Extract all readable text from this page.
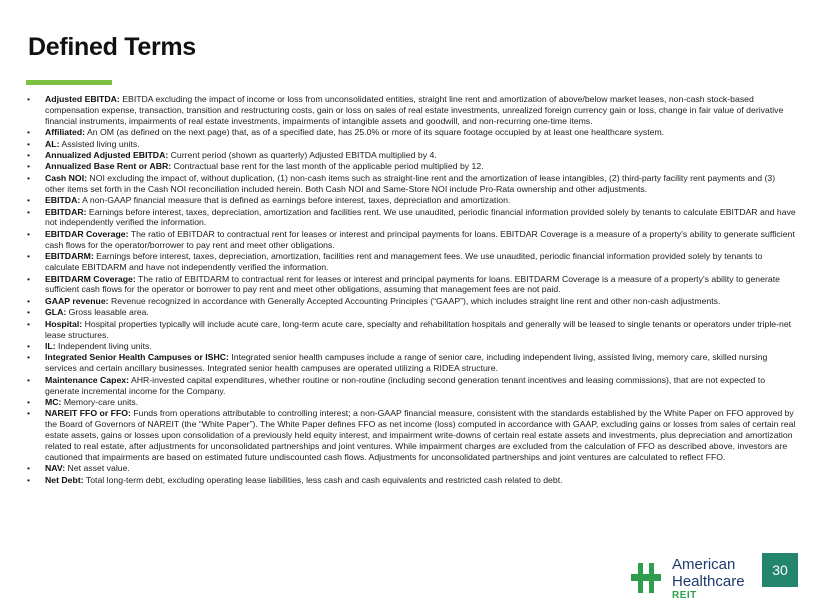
Defined Terms
• Adjusted EBITDA: EBITDA excluding the impact of income or loss from unconsolidated entities, straight line rent and amortization of above/below market leases, non-cash stock-based compensation expense, transaction, transition and restructuring costs, gain or loss on sales of real estate investments, unrealized foreign currency gain or loss, change in fair value of derivative financial instruments, impairments of real estate investments, impairments of intangible assets and goodwill, and non-recurring one-time items.
• Affiliated: An OM (as defined on the next page) that, as of a specified date, has 25.0% or more of its square footage occupied by at least one healthcare system.
• AL: Assisted living units.
• Annualized Adjusted EBITDA: Current period (shown as quarterly) Adjusted EBITDA multiplied by 4.
• Annualized Base Rent or ABR: Contractual base rent for the last month of the applicable period multiplied by 12.
• Cash NOI: NOI excluding the impact of, without duplication, (1) non-cash items such as straight-line rent and the amortization of lease intangibles, (2) third-party facility rent payments and (3) other items set forth in the Cash NOI reconciliation included herein. Both Cash NOI and Same-Store NOI include Pro-Rata ownership and other adjustments.
• EBITDA: A non-GAAP financial measure that is defined as earnings before interest, taxes, depreciation and amortization.
• EBITDAR: Earnings before interest, taxes, depreciation, amortization and facilities rent. We use unaudited, periodic financial information provided solely by tenants to calculate EBITDAR and have not independently verified the information.
• EBITDAR Coverage: The ratio of EBITDAR to contractual rent for leases or interest and principal payments for loans. EBITDAR Coverage is a measure of a property's ability to generate sufficient cash flows for the operator/borrower to pay rent and meet other obligations.
• EBITDARM: Earnings before interest, taxes, depreciation, amortization, facilities rent and management fees. We use unaudited, periodic financial information provided solely by tenants to calculate EBITDARM and have not independently verified the information.
• EBITDARM Coverage: The ratio of EBITDARM to contractual rent for leases or interest and principal payments for loans. EBITDARM Coverage is a measure of a property's ability to generate sufficient cash flows for the operator or borrower to pay rent and meet other obligations, assuming that management fees are not paid.
• GAAP revenue: Revenue recognized in accordance with Generally Accepted Accounting Principles (“GAAP”), which includes straight line rent and other non-cash adjustments.
• GLA: Gross leasable area.
• Hospital: Hospital properties typically will include acute care, long-term acute care, specialty and rehabilitation hospitals and generally will be leased to single tenants or operators under triple-net lease structures.
• IL: Independent living units.
• Integrated Senior Health Campuses or ISHC: Integrated senior health campuses include a range of senior care, including independent living, assisted living, memory care, skilled nursing services and certain ancillary businesses. Integrated senior health campuses are operated utilizing a RIDEA structure.
• Maintenance Capex: AHR-invested capital expenditures, whether routine or non-routine (including second generation tenant incentives and leasing commissions), that are not expected to generate incremental income for the Company.
• MC: Memory-care units.
• NAREIT FFO or FFO: Funds from operations attributable to controlling interest; a non-GAAP financial measure, consistent with the standards established by the White Paper on FFO approved by the Board of Governors of NAREIT (the “White Paper”). The White Paper defines FFO as net income (loss) computed in accordance with GAAP, excluding gains or losses from sales of certain real estate assets, gains or losses upon consolidation of a previously held equity interest, and impairment write-downs of certain real estate assets and investments, plus depreciation and amortization related to real estate, after adjustments for unconsolidated partnerships and joint ventures. While impairment charges are excluded from the calculation of FFO as described above, investors are cautioned that impairments are based on estimated future undiscounted cash flows. Adjustments for unconsolidated partnerships and joint ventures are calculated to reflect FFO.
• NAV: Net asset value.
• Net Debt: Total long-term debt, excluding operating lease liabilities, less cash and cash equivalents and restricted cash related to debt.
American
Healthcare
REIT
30
